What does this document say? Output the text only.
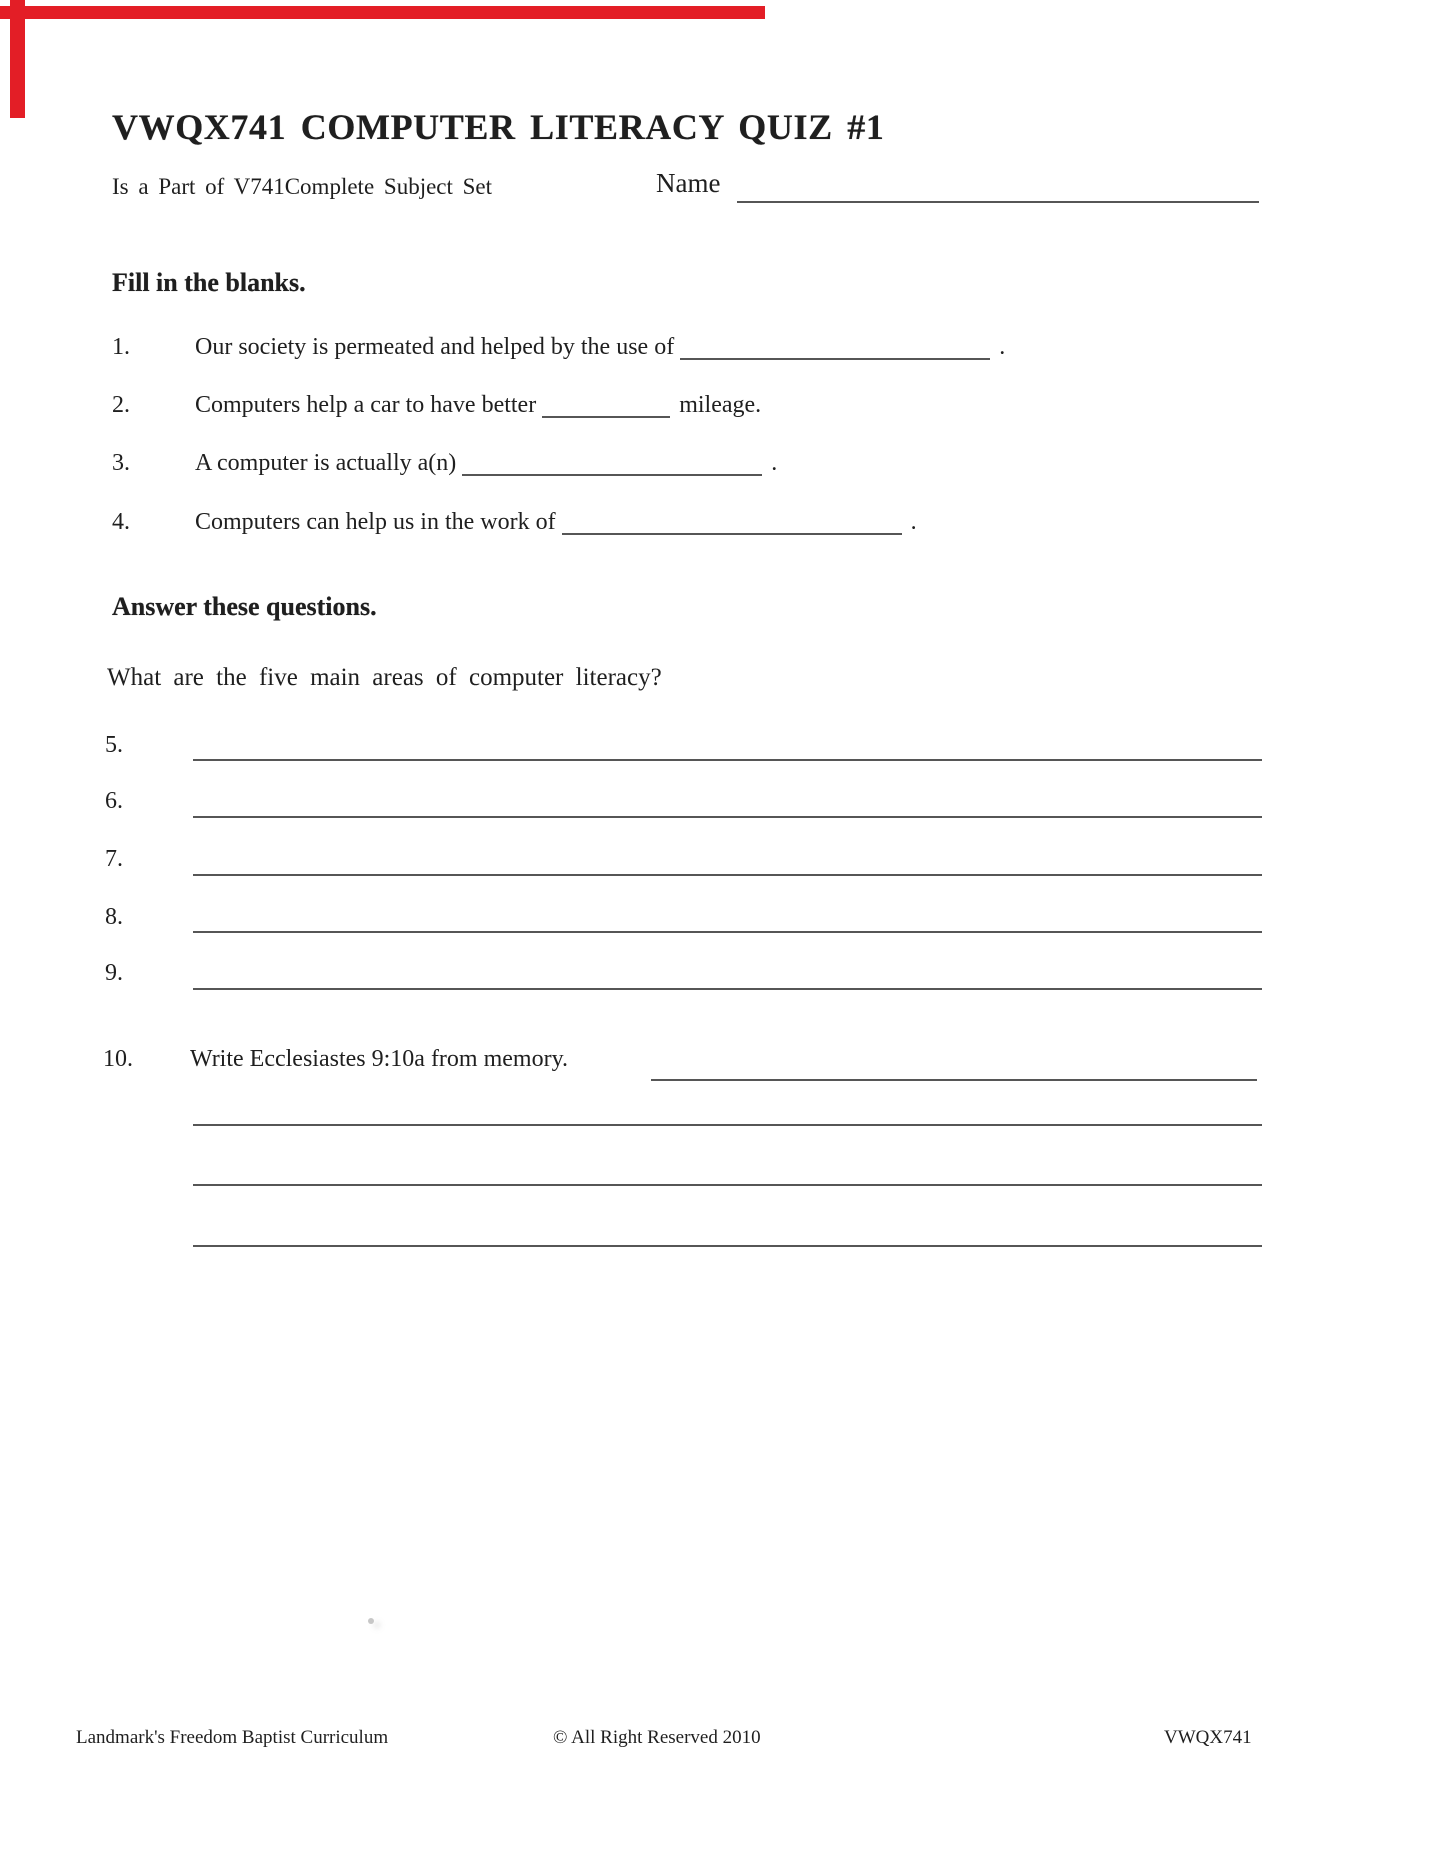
VWQX741 COMPUTER LITERACY QUIZ #1
Is a Part of V741Complete Subject Set	Name
Fill in the blanks.
1.	Our society is permeated and helped by the use of	.
2.	Computers help a car to have better	mileage.
3.	A computer is actually a(n)	.
4.	Computers can help us in the work of	.
Answer these questions.
What are the five main areas of computer literacy?
5.
6.
7.
8.
9.
10. Write Ecclesiastes 9:10a from memory.
Landmark's Freedom Baptist Curriculum	© All Right Reserved 2010	VWQX741
